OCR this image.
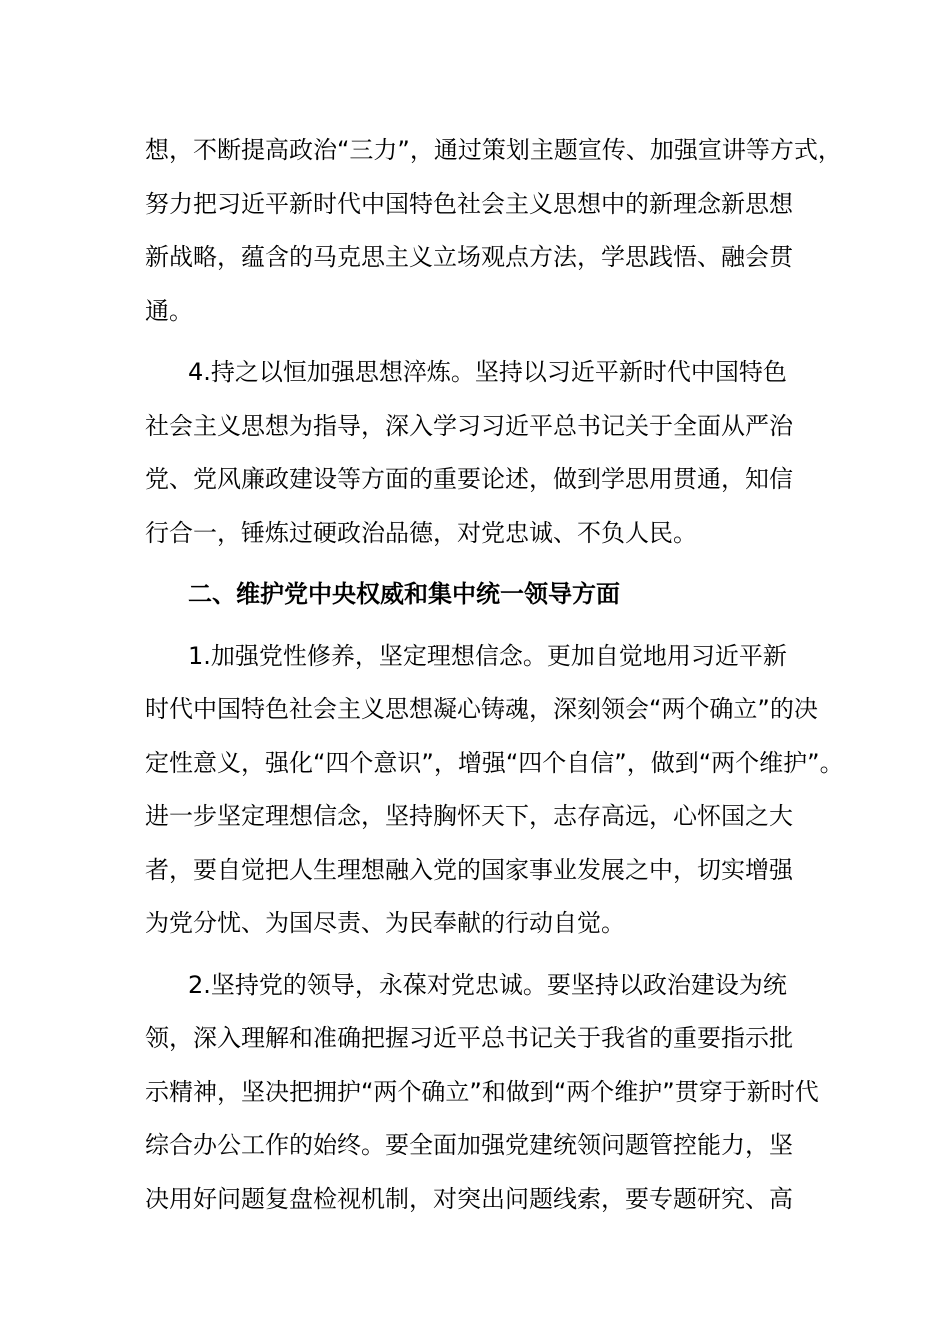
想，不断提高政治“三力”，通过策划主题宣传、加强宣讲等方式，
努力把习近平新时代中国特色社会主义思想中的新理念新思想
新战略，蕴含的马克思主义立场观点方法，学思践悟、融会贯
通。
4.持之以恒加强思想淬炼。坚持以习近平新时代中国特色
社会主义思想为指导，深入学习习近平总书记关于全面从严治
党、党风廉政建设等方面的重要论述，做到学思用贯通，知信
行合一，锤炼过硬政治品德，对党忠诚、不负人民。
二、维护党中央权威和集中统一领导方面
1.加强党性修养，坚定理想信念。更加自觉地用习近平新
时代中国特色社会主义思想凝心铸魂，深刻领会“两个确立”的决
定性意义，强化“四个意识”，增强“四个自信”，做到“两个维护”。
进一步坚定理想信念，坚持胸怀天下，志存高远，心怀国之大
者，要自觉把人生理想融入党的国家事业发展之中，切实增强
为党分忧、为国尽责、为民奉献的行动自觉。
2.坚持党的领导，永葆对党忠诚。要坚持以政治建设为统
领，深入理解和准确把握习近平总书记关于我省的重要指示批
示精神，坚决把拥护“两个确立”和做到“两个维护”贯穿于新时代
综合办公工作的始终。要全面加强党建统领问题管控能力，坚
决用好问题复盘检视机制，对突出问题线索，要专题研究、高
